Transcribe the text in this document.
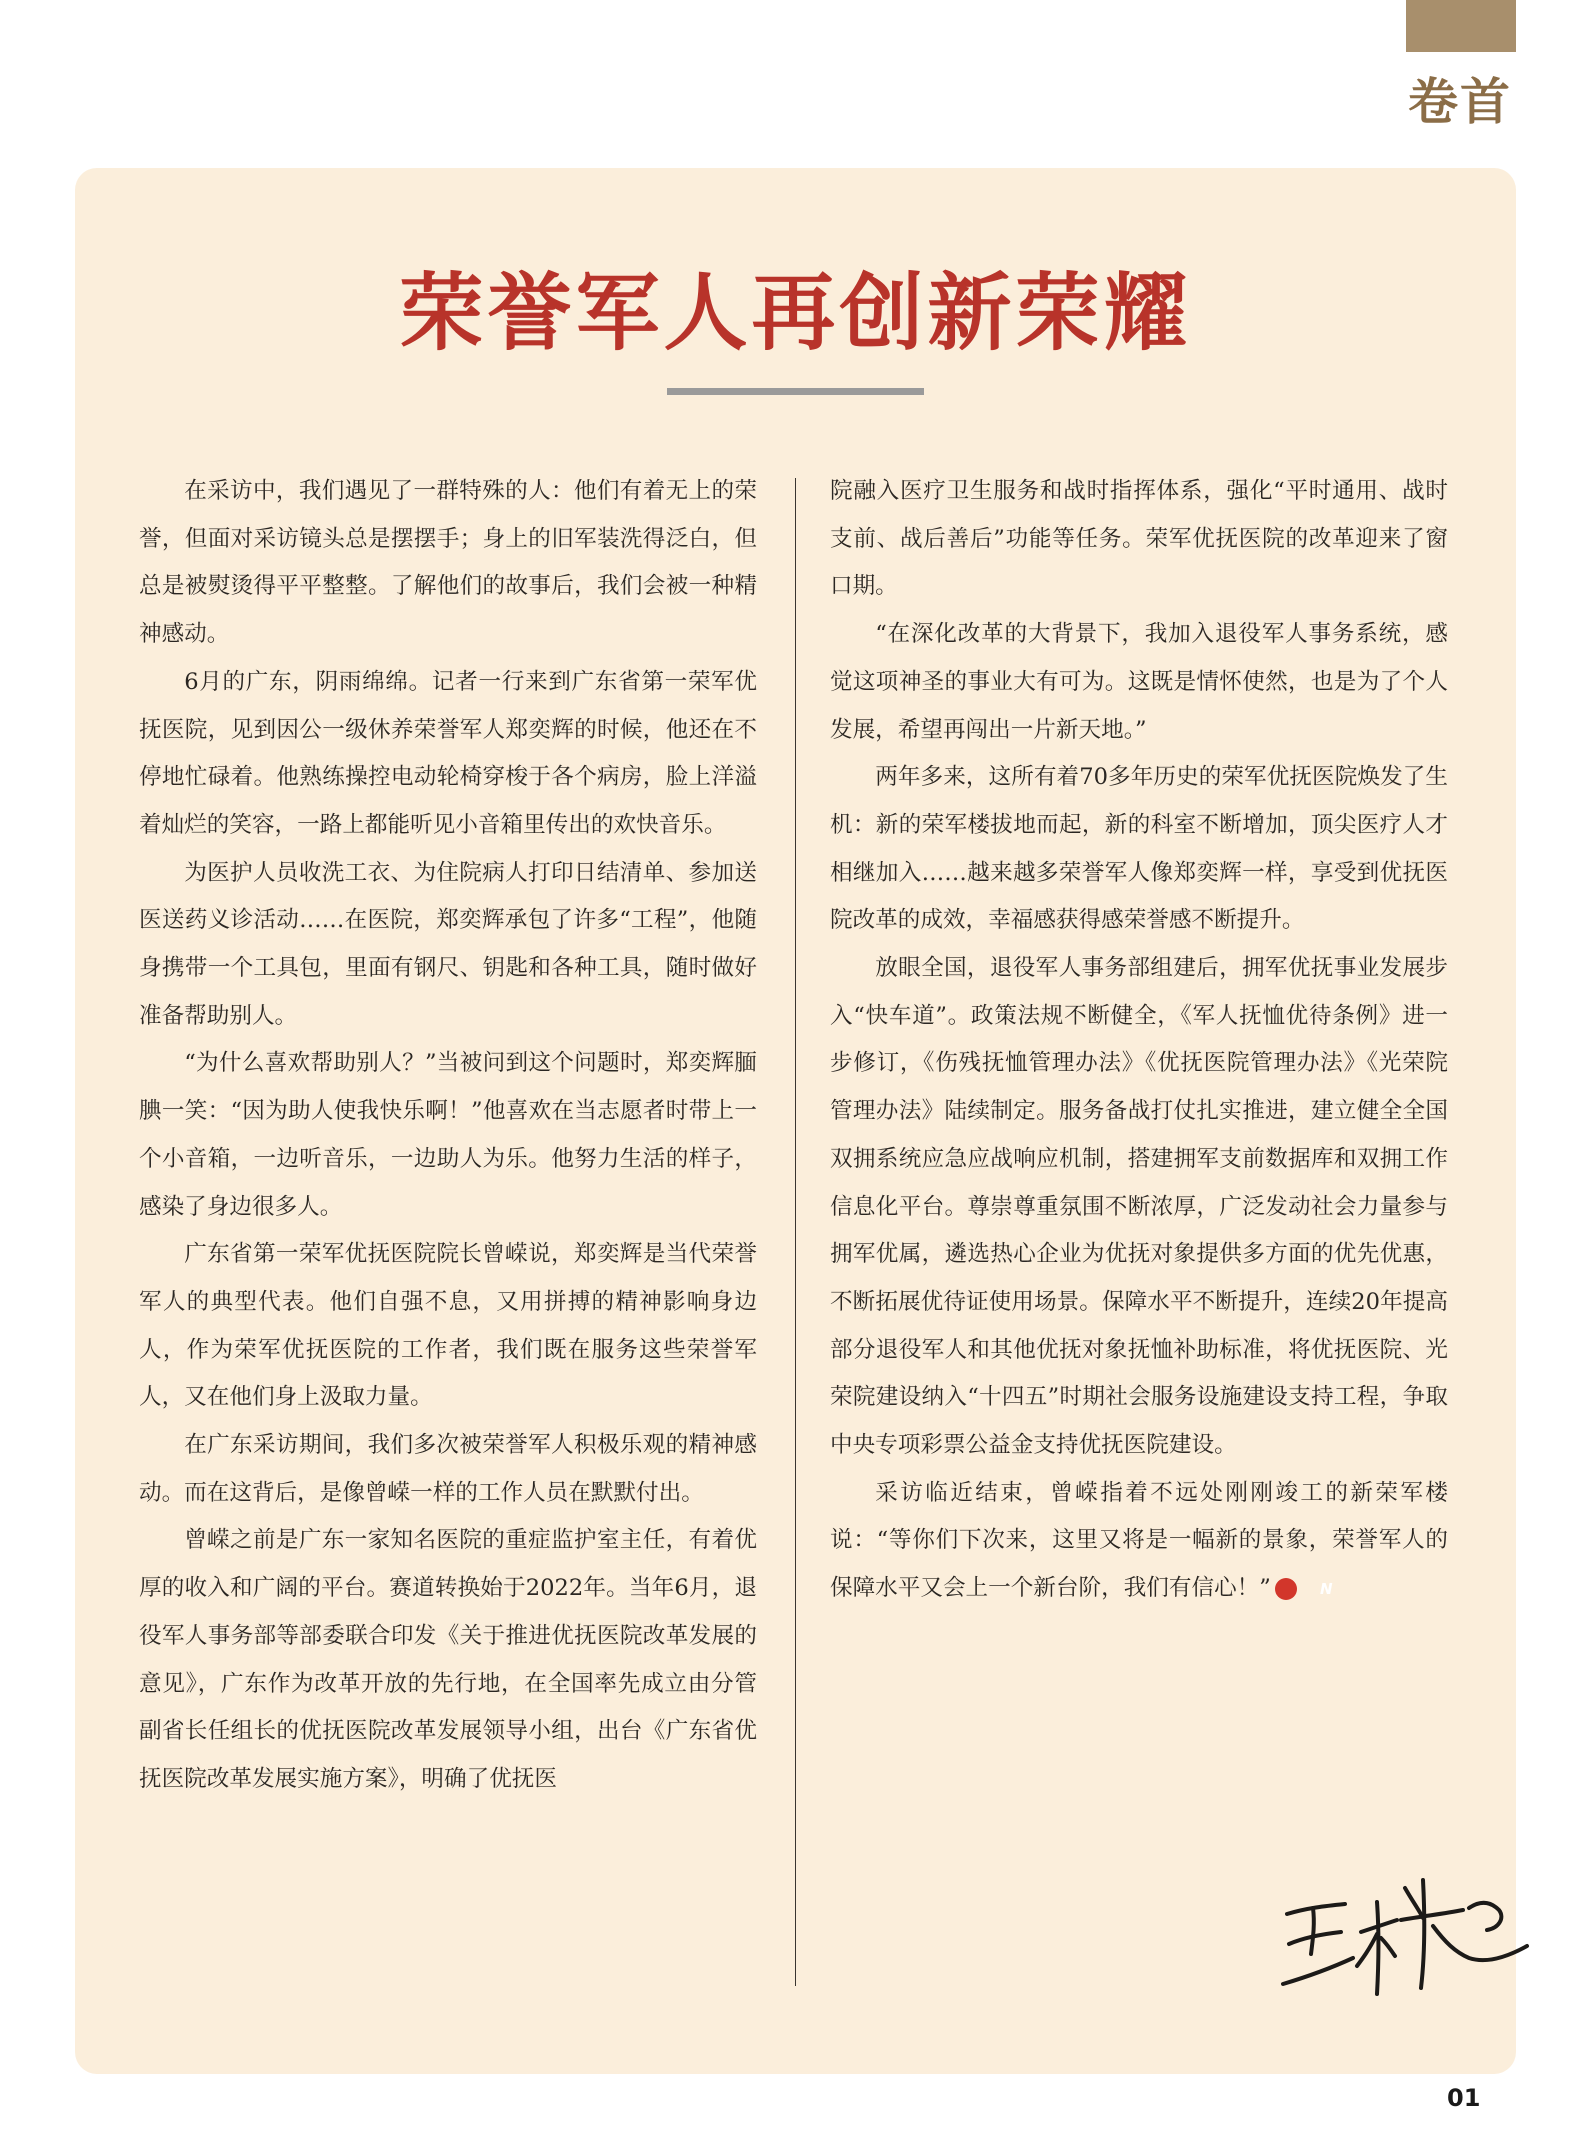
卷首
荣誉军人再创新荣耀

在采访中，我们遇见了一群特殊的人：他们有着无上的荣誉，但面对采访镜头总是摆摆手；身上的旧军装洗得泛白，但总是被熨烫得平平整整。了解他们的故事后，我们会被一种精神感动。

6月的广东，阴雨绵绵。记者一行来到广东省第一荣军优抚医院，见到因公一级休养荣誉军人郑奕辉的时候，他还在不停地忙碌着。他熟练操控电动轮椅穿梭于各个病房，脸上洋溢着灿烂的笑容，一路上都能听见小音箱里传出的欢快音乐。

为医护人员收洗工衣、为住院病人打印日结清单、参加送医送药义诊活动……在医院，郑奕辉承包了许多“工程”，他随身携带一个工具包，里面有钢尺、钥匙和各种工具，随时做好准备帮助别人。

“为什么喜欢帮助别人？”当被问到这个问题时，郑奕辉腼腆一笑：“因为助人使我快乐啊！”他喜欢在当志愿者时带上一个小音箱，一边听音乐，一边助人为乐。他努力生活的样子，感染了身边很多人。

广东省第一荣军优抚医院院长曾嵘说，郑奕辉是当代荣誉军人的典型代表。他们自强不息，又用拼搏的精神影响身边人，作为荣军优抚医院的工作者，我们既在服务这些荣誉军人，又在他们身上汲取力量。

在广东采访期间，我们多次被荣誉军人积极乐观的精神感动。而在这背后，是像曾嵘一样的工作人员在默默付出。

曾嵘之前是广东一家知名医院的重症监护室主任，有着优厚的收入和广阔的平台。赛道转换始于2022年。当年6月，退役军人事务部等部委联合印发《关于推进优抚医院改革发展的意见》，广东作为改革开放的先行地，在全国率先成立由分管副省长任组长的优抚医院改革发展领导小组，出台《广东省优抚医院改革发展实施方案》，明确了优抚医

院融入医疗卫生服务和战时指挥体系，强化“平时通用、战时支前、战后善后”功能等任务。荣军优抚医院的改革迎来了窗口期。

“在深化改革的大背景下，我加入退役军人事务系统，感觉这项神圣的事业大有可为。这既是情怀使然，也是为了个人发展，希望再闯出一片新天地。”

两年多来，这所有着70多年历史的荣军优抚医院焕发了生机：新的荣军楼拔地而起，新的科室不断增加，顶尖医疗人才相继加入……越来越多荣誉军人像郑奕辉一样，享受到优抚医院改革的成效，幸福感获得感荣誉感不断提升。

放眼全国，退役军人事务部组建后，拥军优抚事业发展步入“快车道”。政策法规不断健全，《军人抚恤优待条例》进一步修订，《伤残抚恤管理办法》《优抚医院管理办法》《光荣院管理办法》陆续制定。服务备战打仗扎实推进，建立健全全国双拥系统应急应战响应机制，搭建拥军支前数据库和双拥工作信息化平台。尊崇尊重氛围不断浓厚，广泛发动社会力量参与拥军优属，遴选热心企业为优抚对象提供多方面的优先优惠，不断拓展优待证使用场景。保障水平不断提升，连续20年提高部分退役军人和其他优抚对象抚恤补助标准，将优抚医院、光荣院建设纳入“十四五”时期社会服务设施建设支持工程，争取中央专项彩票公益金支持优抚医院建设。

采访临近结束，曾嵘指着不远处刚刚竣工的新荣军楼说：“等你们下次来，这里又将是一幅新的景象，荣誉军人的保障水平又会上一个新台阶，我们有信心！”	N

01
